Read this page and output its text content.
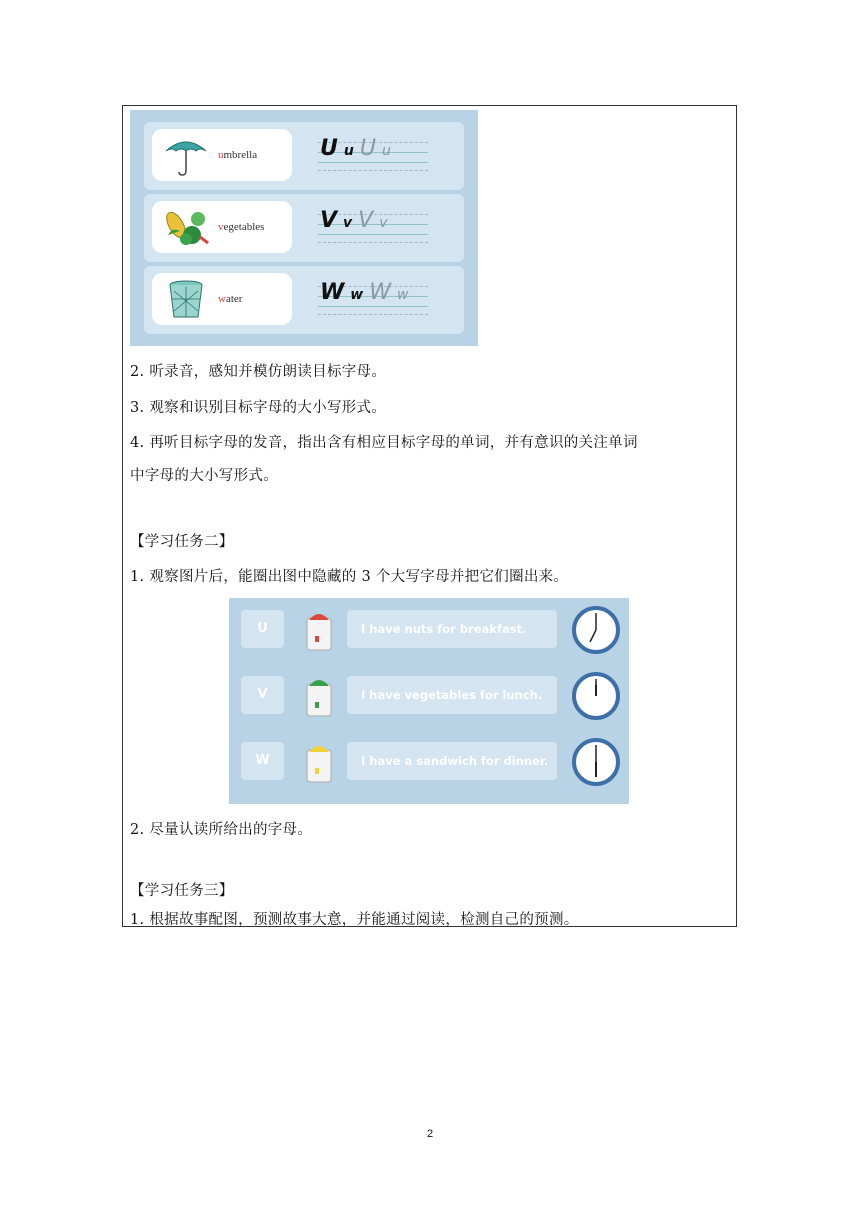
umbrella	U u U u
vegetables	V v V v
water	W w W w
2. 听录音，感知并模仿朗读目标字母。
3. 观察和识别目标字母的大小写形式。
4. 再听目标字母的发音，指出含有相应目标字母的单词，并有意识的关注单词
中字母的大小写形式。
【学习任务二】
1. 观察图片后，能圈出图中隐藏的 3 个大写字母并把它们圈出来。
U	I have nuts for breakfast.
V	I have vegetables for lunch.
W	I have a sandwich for dinner.
2. 尽量认读所给出的字母。
【学习任务三】
1. 根据故事配图，预测故事大意，并能通过阅读，检测自己的预测。
2
